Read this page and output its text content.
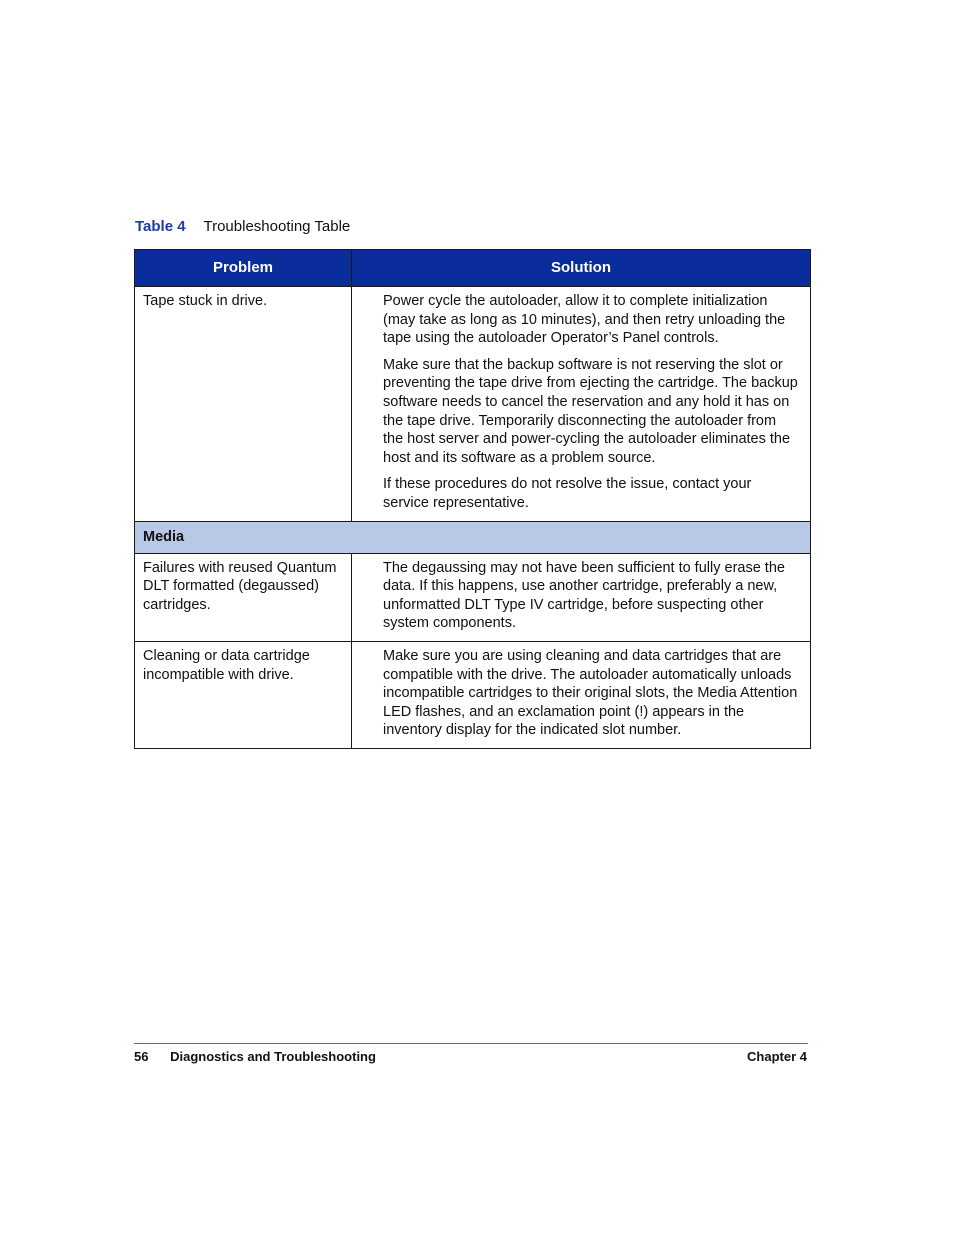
Table 4 Troubleshooting Table
Problem	Solution
Tape stuck in drive.	Power cycle the autoloader, allow it to complete initialization (may take as long as 10 minutes), and then retry unloading the tape using the autoloader Operator’s Panel controls.

Make sure that the backup software is not reserving the slot or preventing the tape drive from ejecting the cartridge. The backup software needs to cancel the reservation and any hold it has on the tape drive. Temporarily disconnecting the autoloader from the host server and power-cycling the autoloader eliminates the host and its software as a problem source.

If these procedures do not resolve the issue, contact your service representative.

Media	
Failures with reused Quantum DLT formatted (degaussed) cartridges.	The degaussing may not have been sufficient to fully erase the data. If this happens, use another cartridge, preferably a new, unformatted DLT Type IV cartridge, before suspecting other system components.

Cleaning or data cartridge incompatible with drive.	Make sure you are using cleaning and data cartridges that are compatible with the drive. The autoloader automatically unloads incompatible cartridges to their original slots, the Media Attention LED flashes, and an exclamation point (!) appears in the inventory display for the indicated slot number.

56 Diagnostics and Troubleshooting	Chapter 4
